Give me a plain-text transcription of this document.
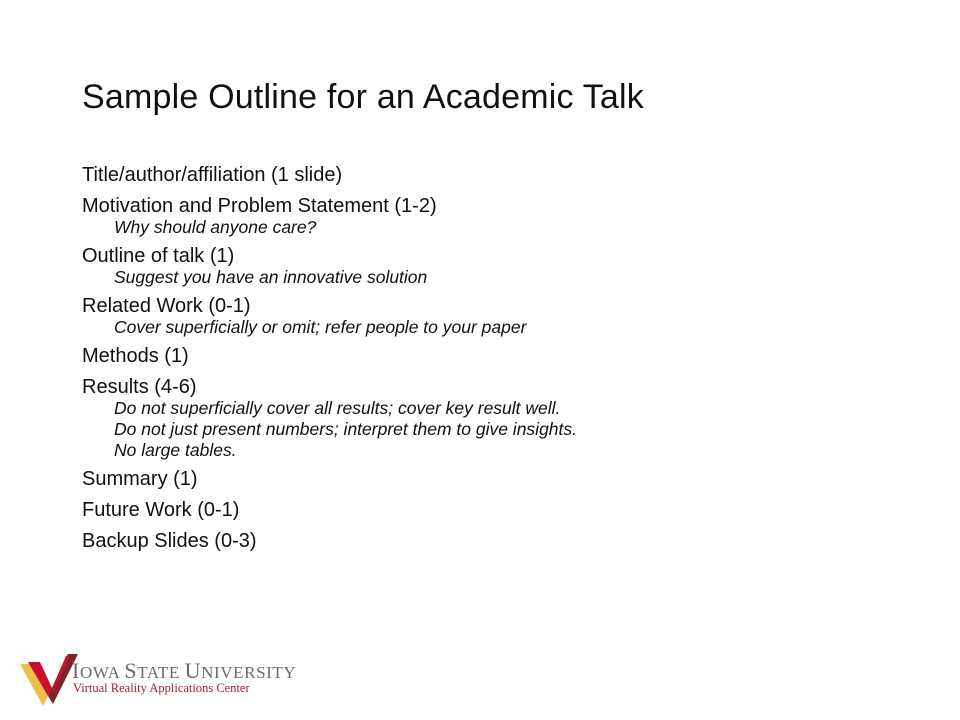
Sample Outline for an Academic Talk
Title/author/affiliation (1 slide)
Motivation and Problem Statement (1-2)
Why should anyone care?
Outline of talk (1)
Suggest you have an innovative solution
Related Work (0-1)
Cover superficially or omit; refer people to your paper
Methods (1)
Results (4-6)
Do not superficially cover all results; cover key result well.
Do not just present numbers; interpret them to give insights.
No large tables.
Summary (1)
Future Work (0-1)
Backup Slides (0-3)
IOWA STATE UNIVERSITY
Virtual Reality Applications Center
